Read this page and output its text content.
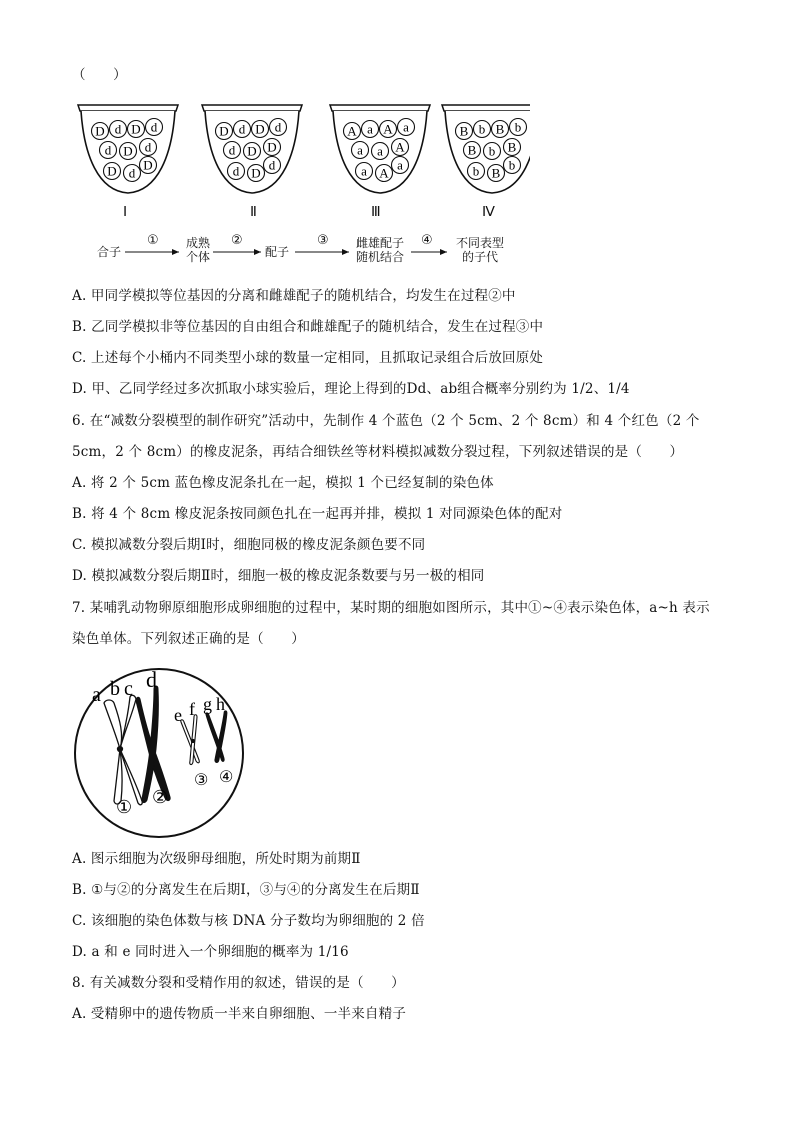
（　　）
D d D d
d D d
D d
D
D d D d
d D D
d D
d
A a A a
a a A
a A
a
B b B b
B b B
b B
b
Ⅰ	Ⅱ	Ⅲ	Ⅳ
合子
成熟
个体	配子
雌雄配子
随机结合
不同表型
的子代
①	②	③	④
A. 甲同学模拟等位基因的分离和雌雄配子的随机结合，均发生在过程②中
B. 乙同学模拟非等位基因的自由组合和雌雄配子的随机结合，发生在过程③中
C. 上述每个小桶内不同类型小球的数量一定相同，且抓取记录组合后放回原处
D. 甲、乙同学经过多次抓取小球实验后，理论上得到的Dd、ab组合概率分别约为 1/2、1/4
6. 在“减数分裂模型的制作研究”活动中，先制作 4 个蓝色（2 个 5cm、2 个 8cm）和 4 个红色（2 个
5cm，2 个 8cm）的橡皮泥条，再结合细铁丝等材料模拟减数分裂过程，下列叙述错误的是（　　）
A. 将 2 个 5cm 蓝色橡皮泥条扎在一起，模拟 1 个已经复制的染色体
B. 将 4 个 8cm 橡皮泥条按同颜色扎在一起再并排，模拟 1 对同源染色体的配对
C. 模拟减数分裂后期Ⅰ时，细胞同极的橡皮泥条颜色要不同
D. 模拟减数分裂后期Ⅱ时，细胞一极的橡皮泥条数要与另一极的相同
7. 某哺乳动物卵原细胞形成卵细胞的过程中，某时期的细胞如图所示，其中①~④表示染色体，a~h 表示
染色单体。下列叙述正确的是（　　）
a b c d
e f g h
① ②
③ ④
A. 图示细胞为次级卵母细胞，所处时期为前期Ⅱ
B. ①与②的分离发生在后期Ⅰ，③与④的分离发生在后期Ⅱ
C. 该细胞的染色体数与核 DNA 分子数均为卵细胞的 2 倍
D. a 和 e 同时进入一个卵细胞的概率为 1/16
8. 有关减数分裂和受精作用的叙述，错误的是（　　）
A. 受精卵中的遗传物质一半来自卵细胞、一半来自精子
